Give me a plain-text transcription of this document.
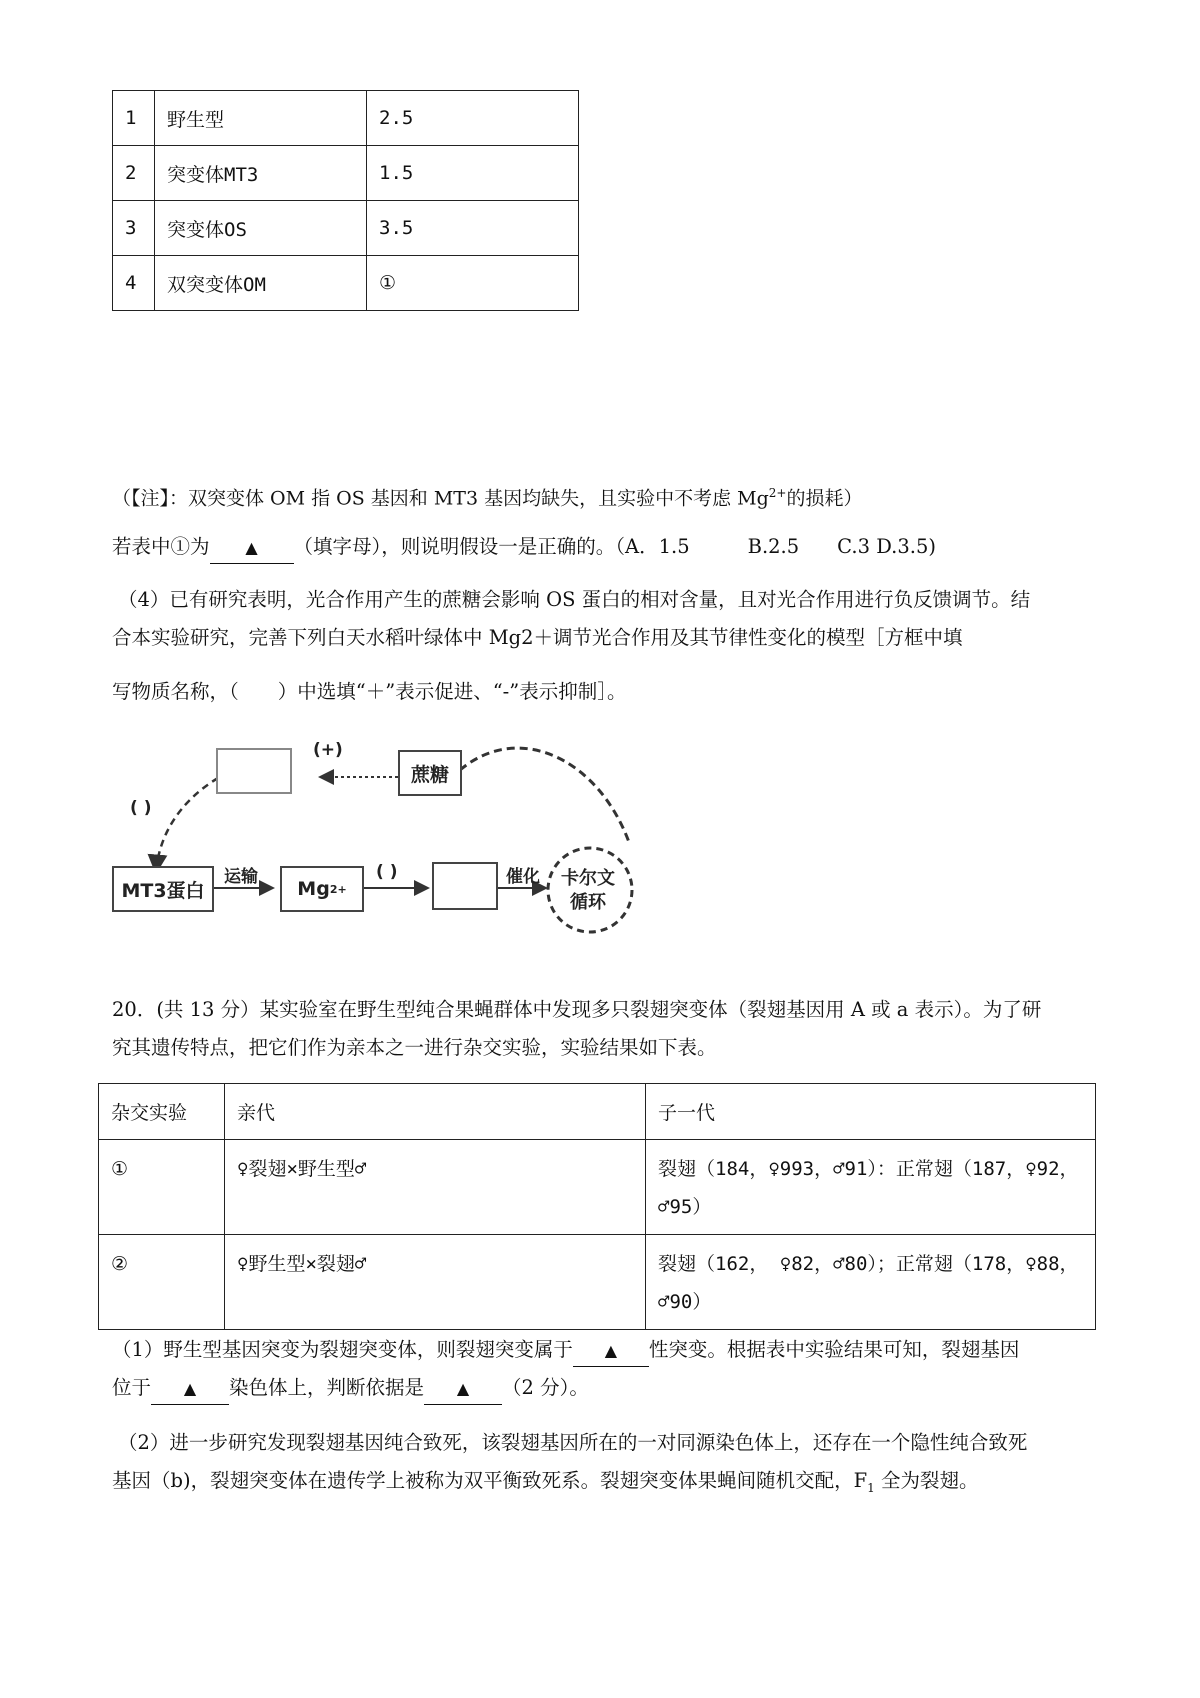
1	野生型	2.5
2	突变体MT3	1.5
3	突变体OS	3.5
4	双突变体OM	①
（【注】：双突变体 OM 指 OS 基因和 MT3 基因均缺失，且实验中不考虑 $Mg^{2+}$的损耗）
若表中①为 ▲ （填字母），则说明假设一是正确的。（A．1.5	B.2.5 C.3 D.3.5)
（4）已有研究表明，光合作用产生的蔗糖会影响 OS 蛋白的相对含量，且对光合作用进行负反馈调节。结
合本实验研究，完善下列白天水稻叶绿体中 Mg2＋调节光合作用及其节律性变化的模型［方框中填
写物质名称，（　　）中选填“＋”表示促进、“-”表示抑制］。
蔗糖
(+)
( )
MT3蛋白
运输
Mg 2+
( )	催化 卡尔文
循环
20．(共 13 分）某实验室在野生型纯合果蝇群体中发现多只裂翅突变体（裂翅基因用 A 或 a 表示）。为了研
究其遗传特点，把它们作为亲本之一进行杂交实验，实验结果如下表。
杂交实验	亲代	子一代
①	♀裂翅×野生型♂	裂翅（184，♀993，♂91）：正常翅（187，♀92，
♂95）

②	♀野生型×裂翅♂	裂翅（162， ♀82，♂80）；正常翅（178，♀88，
♂90）
（1）野生型基因突变为裂翅突变体，则裂翅突变属于 ▲ 性突变。根据表中实验结果可知，裂翅基因
位于 ▲ 染色体上，判断依据是 ▲ （2 分）。
（2）进一步研究发现裂翅基因纯合致死，该裂翅基因所在的一对同源染色体上，还存在一个隐性纯合致死
基因（b)，裂翅突变体在遗传学上被称为双平衡致死系。裂翅突变体果蝇间随机交配，$F_1$ 全为裂翅。
